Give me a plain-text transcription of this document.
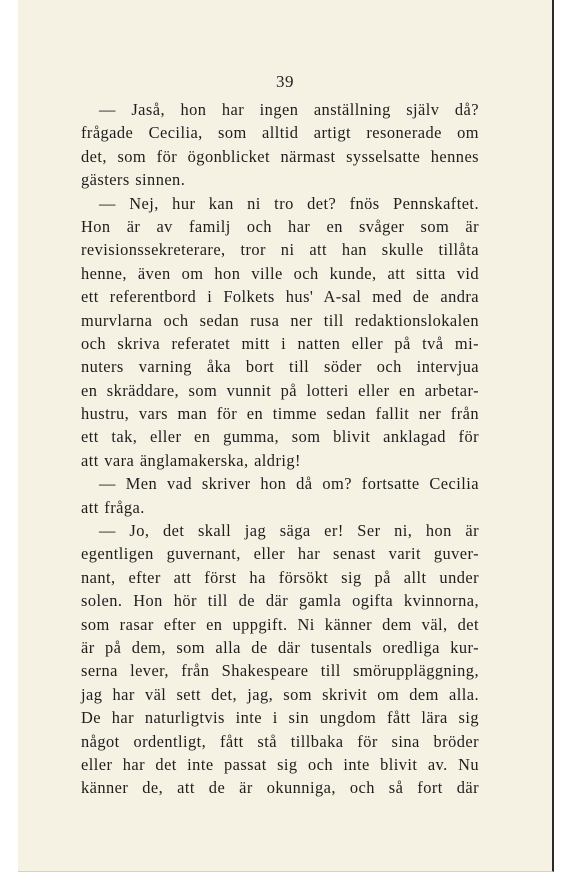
39
— Jaså, hon har ingen anställning själv då?
frågade Cecilia, som alltid artigt resonerade om
det, som för ögonblicket närmast sysselsatte hennes
gästers sinnen.
— Nej, hur kan ni tro det? fnös Pennskaftet.
Hon är av familj och har en svåger som är
revisionssekreterare, tror ni att han skulle tillåta
henne, även om hon ville och kunde, att sitta vid
ett referentbord i Folkets hus' A-sal med de andra
murvlarna och sedan rusa ner till redaktionslokalen
och skriva referatet mitt i natten eller på två mi-
nuters varning åka bort till söder och intervjua
en skräddare, som vunnit på lotteri eller en arbetar-
hustru, vars man för en timme sedan fallit ner från
ett tak, eller en gumma, som blivit anklagad för
att vara änglamakerska, aldrig!
— Men vad skriver hon då om? fortsatte Cecilia
att fråga.
— Jo, det skall jag säga er! Ser ni, hon är
egentligen guvernant, eller har senast varit guver-
nant, efter att först ha försökt sig på allt under
solen. Hon hör till de där gamla ogifta kvinnorna,
som rasar efter en uppgift. Ni känner dem väl, det
är på dem, som alla de där tusentals oredliga kur-
serna lever, från Shakespeare till smöruppläggning,
jag har väl sett det, jag, som skrivit om dem alla.
De har naturligtvis inte i sin ungdom fått lära sig
något ordentligt, fått stå tillbaka för sina bröder
eller har det inte passat sig och inte blivit av. Nu
känner de, att de är okunniga, och så fort där
